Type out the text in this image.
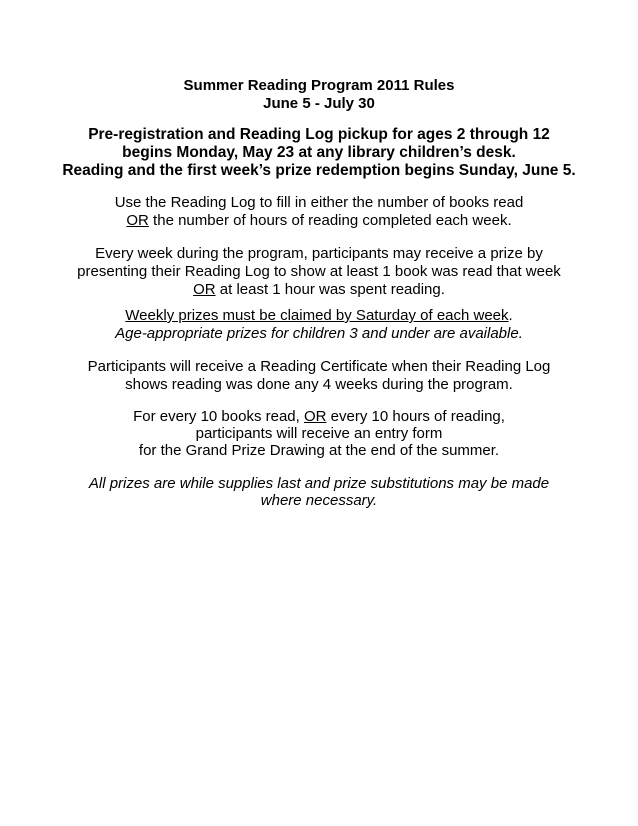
Summer Reading Program 2011 Rules
June 5 - July 30
Pre-registration and Reading Log pickup for ages 2 through 12
begins Monday, May 23 at any library children’s desk.
Reading and the first week’s prize redemption begins Sunday, June 5.
Use the Reading Log to fill in either the number of books read
OR the number of hours of reading completed each week.
Every week during the program, participants may receive a prize by
presenting their Reading Log to show at least 1 book was read that week
OR at least 1 hour was spent reading.
Weekly prizes must be claimed by Saturday of each week.
Age-appropriate prizes for children 3 and under are available.
Participants will receive a Reading Certificate when their Reading Log
shows reading was done any 4 weeks during the program.
For every 10 books read, OR every 10 hours of reading,
participants will receive an entry form
for the Grand Prize Drawing at the end of the summer.
All prizes are while supplies last and prize substitutions may be made
where necessary.
